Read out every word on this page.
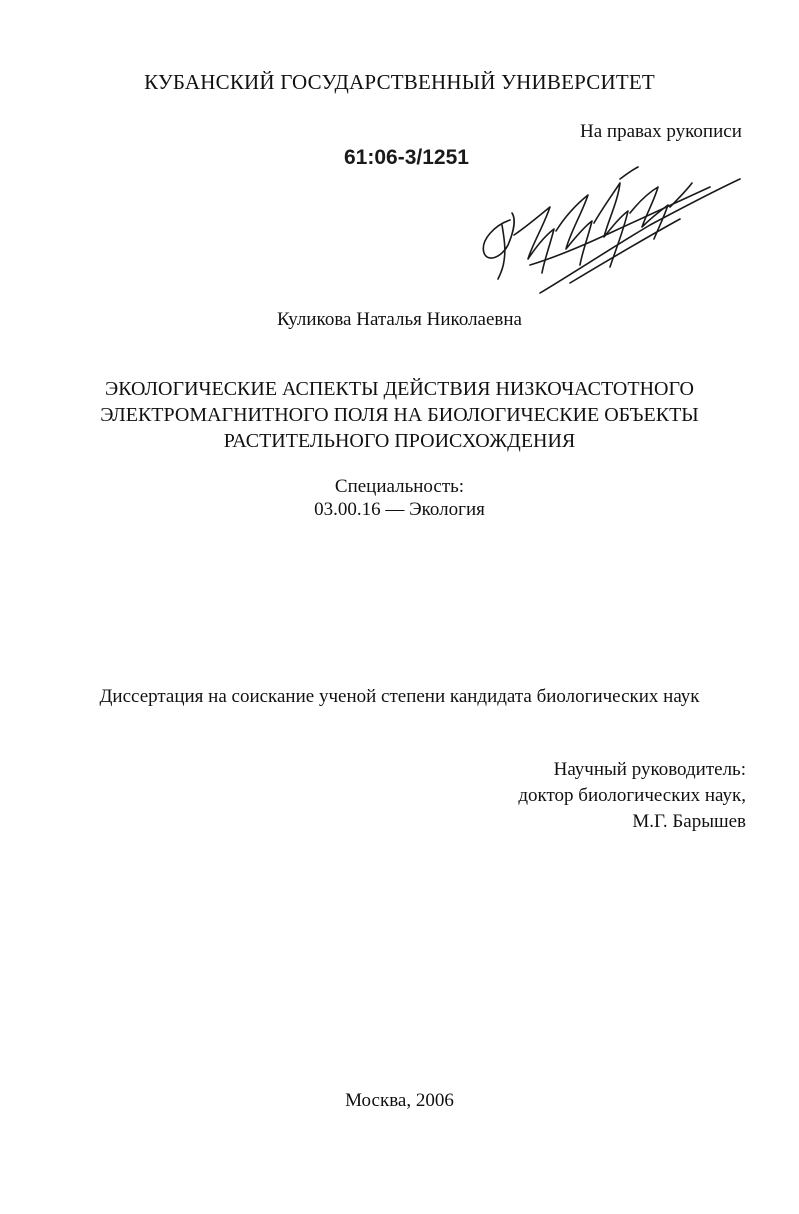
КУБАНСКИЙ ГОСУДАРСТВЕННЫЙ УНИВЕРСИТЕТ

На правах рукописи

61:06-3/1251

Куликова Наталья Николаевна

ЭКОЛОГИЧЕСКИЕ АСПЕКТЫ ДЕЙСТВИЯ НИЗКОЧАСТОТНОГО
ЭЛЕКТРОМАГНИТНОГО ПОЛЯ НА БИОЛОГИЧЕСКИЕ ОБЪЕКТЫ
РАСТИТЕЛЬНОГО ПРОИСХОЖДЕНИЯ

Специальность:

03.00.16 — Экология

Диссертация на соискание ученой степени кандидата биологических наук

Научный руководитель:
доктор биологических наук,
М.Г. Барышев

Москва, 2006
